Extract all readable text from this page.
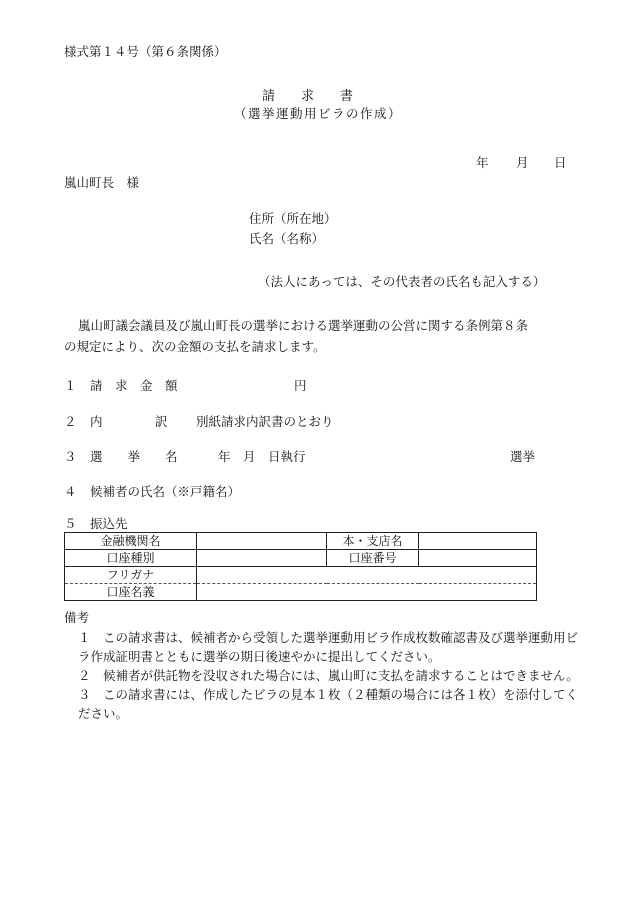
様式第１４号（第６条関係）
請　　求　　書
（選挙運動用ビラの作成）
年 月 日
嵐山町長　様
住所（所在地）
氏名（名称）
（法人にあっては、その代表者の氏名も記入する）
嵐山町議会議員及び嵐山町長の選挙における選挙運動の公営に関する条例第８条
の規定により、次の金額の支払を請求します。
１ 請　求　金　額	円
２ 内	訳 別紙請求内訳書のとおり
３ 選　　挙　　名	年　月　日執行	選挙
４ 候補者の氏名（※戸籍名）
５ 振込先
金融機関名		本・支店名	
口座種別		口座番号	
フリガナ			
口座名義			
備考

１　この請求書は、候補者から受領した選挙運動用ビラ作成枚数確認書及び選挙運動用ビラ作成証明書とともに選挙の期日後速やかに提出してください。

２　候補者が供託物を没収された場合には、嵐山町に支払を請求することはできません。

３　この請求書には、作成したビラの見本１枚（２種類の場合には各１枚）を添付してください。
